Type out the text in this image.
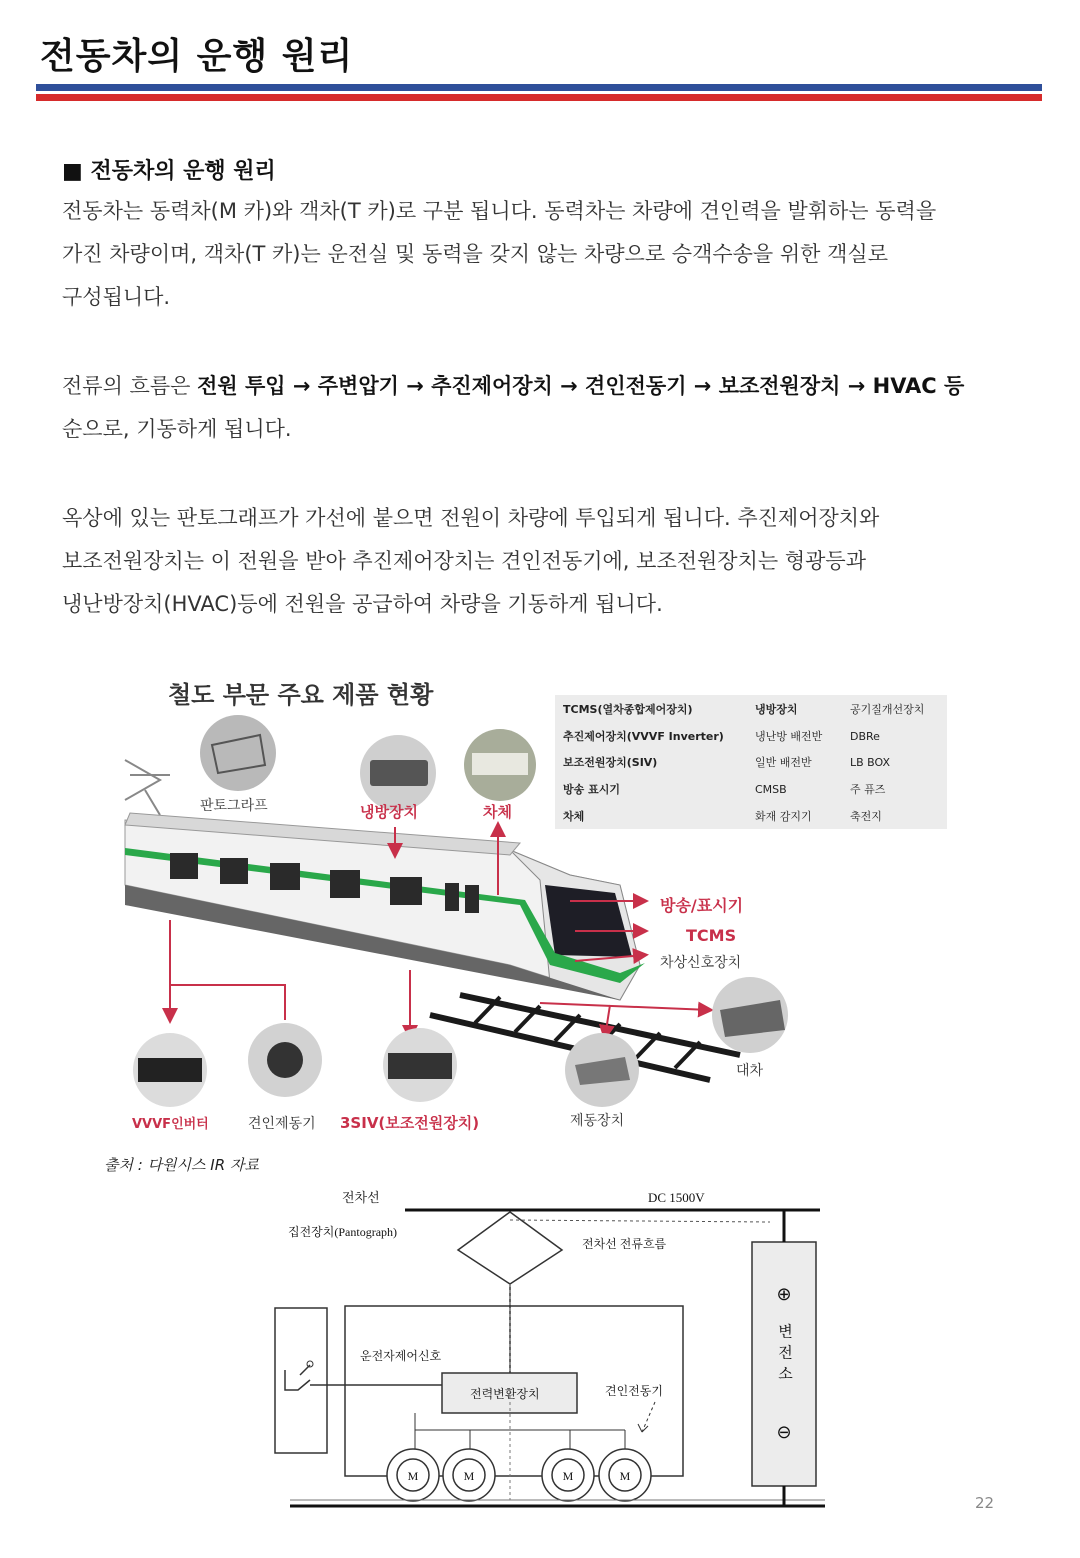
전동차의 운행 원리
■ 전동차의 운행 원리
전동차는 동력차(M 카)와 객차(T 카)로 구분 됩니다. 동력차는 차량에 견인력을 발휘하는 동력을
가진 차량이며, 객차(T 카)는 운전실 및 동력을 갖지 않는 차량으로 승객수송을 위한 객실로
구성됩니다.
전류의 흐름은 전원 투입 → 주변압기 → 추진제어장치 → 견인전동기 → 보조전원장치 → HVAC 등
순으로, 기동하게 됩니다.
옥상에 있는 판토그래프가 가선에 붙으면 전원이 차량에 투입되게 됩니다. 추진제어장치와
보조전원장치는 이 전원을 받아 추진제어장치는 견인전동기에, 보조전원장치는 형광등과
냉난방장치(HVAC)등에 전원을 공급하여 차량을 기동하게 됩니다.
철도 부문 주요 제품 현황
TCMS(열차종합제어장치)	냉방장치	공기질개선장치
추진제어장치(VVVF Inverter)	냉난방 배전반	DBRe
보조전원장치(SIV)	일반 배전반	LB BOX
방송 표시기	CMSB	주 퓨즈
차체	화재 감지기	축전지
판토그라프	냉방장치	차체
방송/표시기
TCMS
차상신호장치
VVVF인버터	견인제동기 3SIV(보조전원장치)	제동장치
대차
출처 : 다원시스 IR 자료
전차선	DC 1500V
집전장치(Pantograph)
전차선 전류흐름
운전자제어신호
전력변환장치	견인전동기
M	M	M	M
⊕
변전소
⊖
22
